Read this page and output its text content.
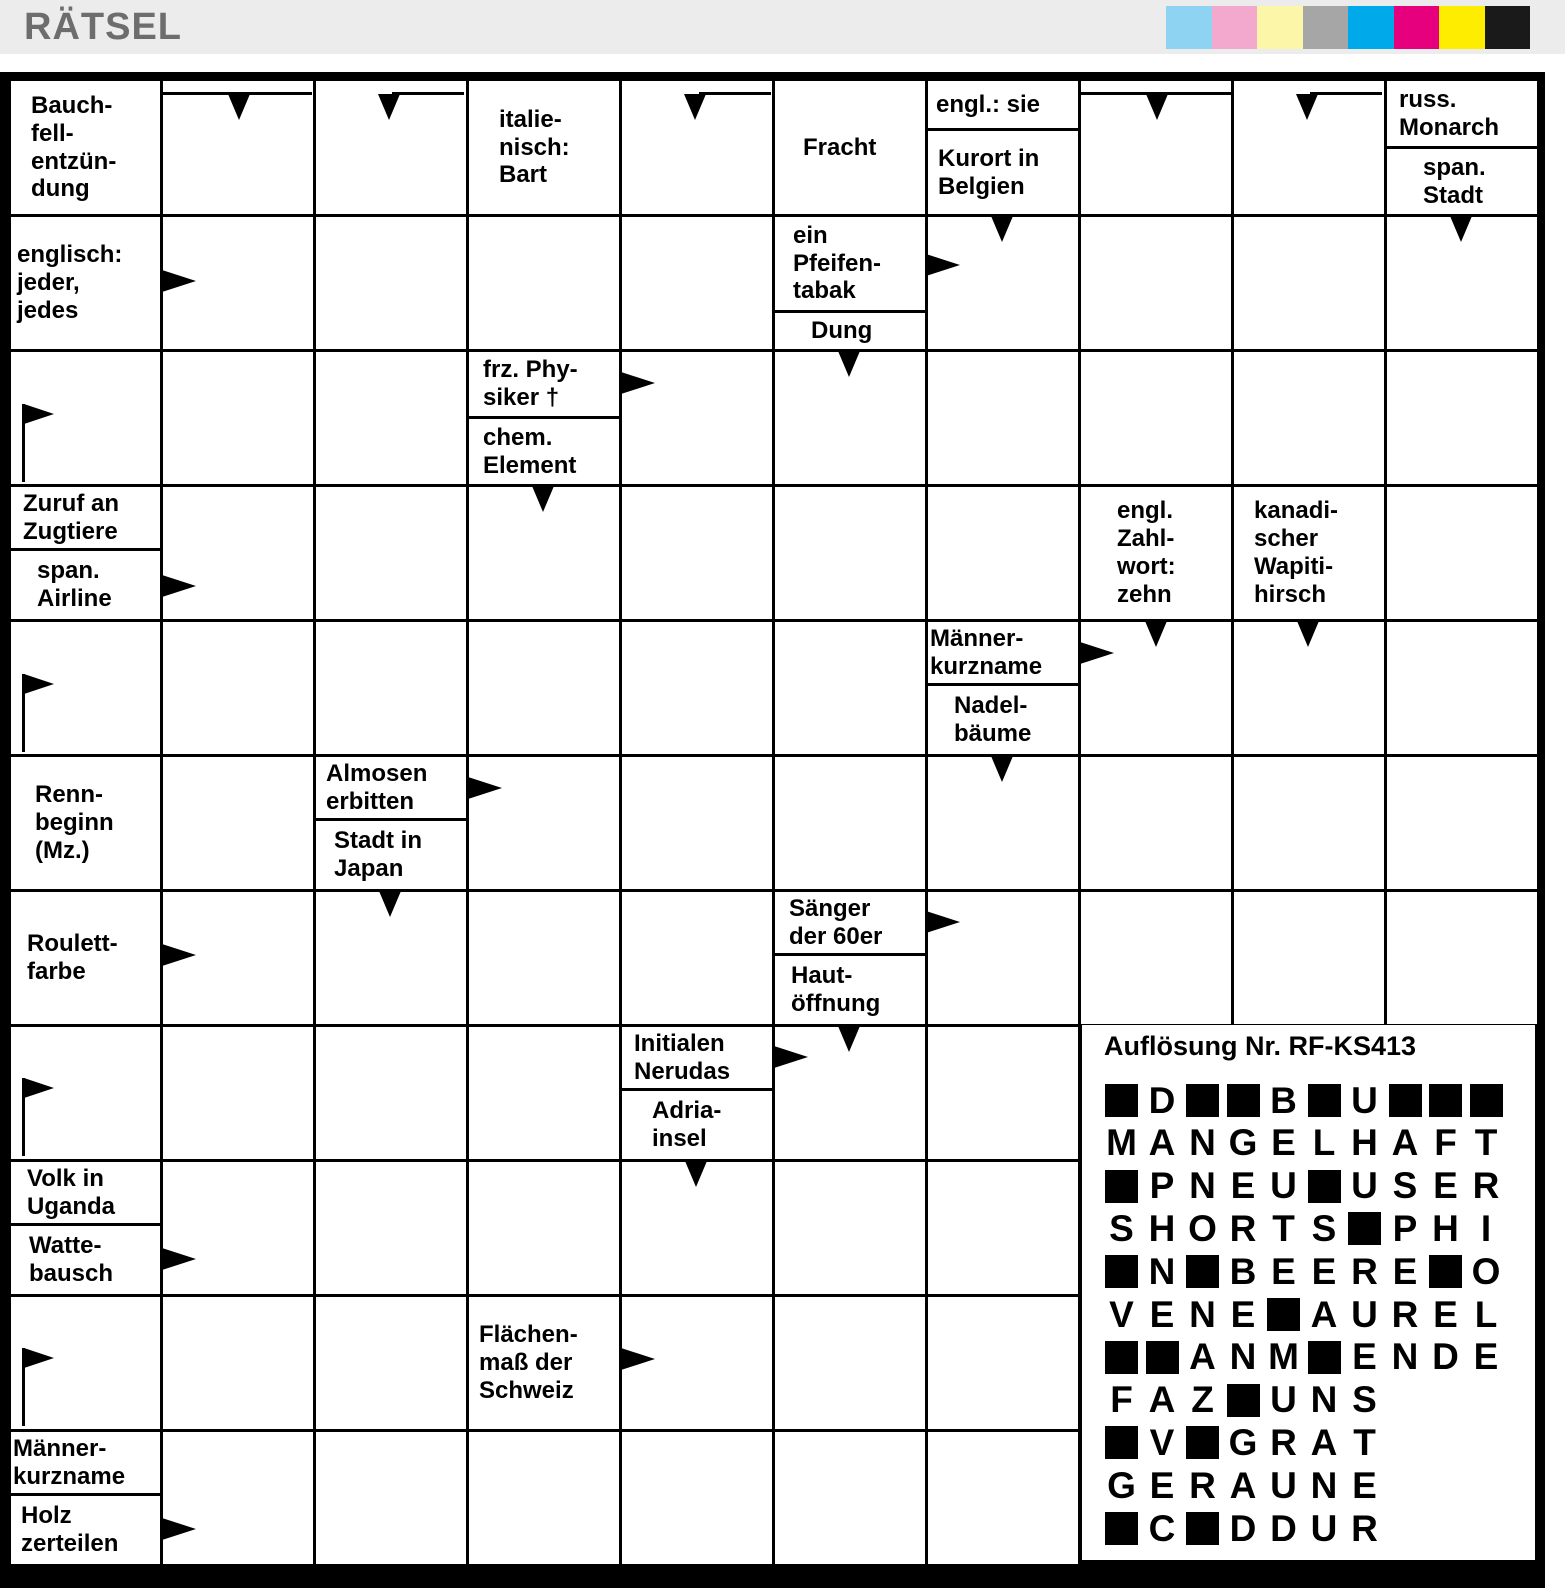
RÄTSEL
Auflösung Nr. RF-KS413
D	B U
M A N G E L H A F T
P N E U U S E R
S H O R T S P H I
N B E E R E O
V E N E A U R E L
A N M E N D E
F A Z U N S
V G R A T
G E R A U N E
C D D U R
Bauch-
fell-
entzün-
dung
italie-
nisch:
Bart
Fracht
engl.: sie
Kurort in
Belgien
russ.
Monarch
span.
Stadt
englisch:
jeder,
jedes
ein
Pfeifen-
tabak
Dung
frz. Phy-
siker †
chem.
Element
Zuruf an
Zugtiere
span.
Airline
engl.
Zahl-
wort:
zehn
kanadi-
scher
Wapiti-
hirsch
Männer-
kurzname
Nadel-
bäume
Renn-
beginn
(Mz.)
Almosen
erbitten
Stadt in
Japan
Roulett-
farbe
Sänger
der 60er
Haut-
öffnung
Initialen
Nerudas
Adria-
insel
Volk in
Uganda
Watte-
bausch
Flächen-
maß der
Schweiz
Männer-
kurzname
Holz
zerteilen
